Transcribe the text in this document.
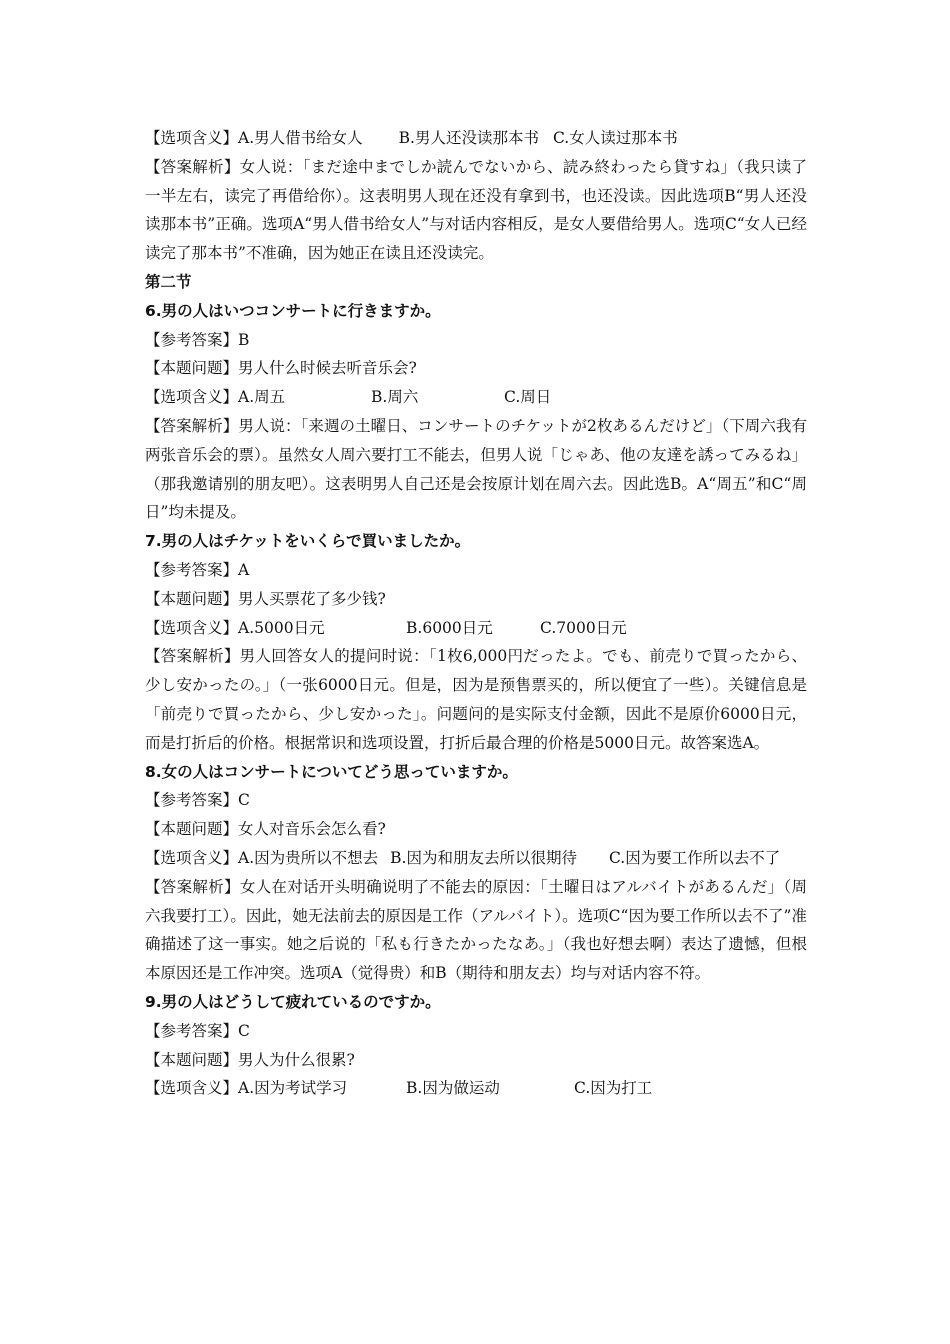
【选项含义】A.男人借书给女人 B.男人还没读那本书 C.女人读过那本书
【答案解析】女人说：「まだ途中までしか読んでないから、読み終わったら貸すね」（我只读了一半左右，读完了再借给你）。这表明男人现在还没有拿到书，也还没读。因此选项B“男人还没读那本书”正确。选项A“男人借书给女人”与对话内容相反，是女人要借给男人。选项C“女人已经读完了那本书”不准确，因为她正在读且还没读完。
第二节
6.男の人はいつコンサートに行きますか。
【参考答案】B
【本题问题】男人什么时候去听音乐会?
【选项含义】A.周五	B.周六	C.周日
【答案解析】男人说：「来週の土曜日、コンサートのチケットが2枚あるんだけど」（下周六我有两张音乐会的票）。虽然女人周六要打工不能去，但男人说「じゃあ、他の友達を誘ってみるね」（那我邀请别的朋友吧）。这表明男人自己还是会按原计划在周六去。因此选B。A“周五”和C“周日”均未提及。
7.男の人はチケットをいくらで買いましたか。
【参考答案】A
【本题问题】男人买票花了多少钱?
【选项含义】A.5000日元	B.6000日元	C.7000日元
【答案解析】男人回答女人的提问时说：「1枚6,000円だったよ。でも、前売りで買ったから、少し安かったの。」（一张6000日元。但是，因为是预售票买的，所以便宜了一些）。关键信息是「前売りで買ったから、少し安かった」。问题问的是实际支付金额，因此不是原价6000日元，而是打折后的价格。根据常识和选项设置，打折后最合理的价格是5000日元。故答案选A。
8.女の人はコンサートについてどう思っていますか。
【参考答案】C
【本题问题】女人对音乐会怎么看?
【选项含义】A.因为贵所以不想去 B.因为和朋友去所以很期待 C.因为要工作所以去不了
【答案解析】女人在对话开头明确说明了不能去的原因：「土曜日はアルバイトがあるんだ」（周六我要打工）。因此，她无法前去的原因是工作（アルバイト）。选项C“因为要工作所以去不了”准确描述了这一事实。她之后说的「私も行きたかったなあ。」（我也好想去啊）表达了遗憾，但根本原因还是工作冲突。选项A（觉得贵）和B（期待和朋友去）均与对话内容不符。
9.男の人はどうして疲れているのですか。
【参考答案】C
【本题问题】男人为什么很累?
【选项含义】A.因为考试学习	B.因为做运动	C.因为打工
